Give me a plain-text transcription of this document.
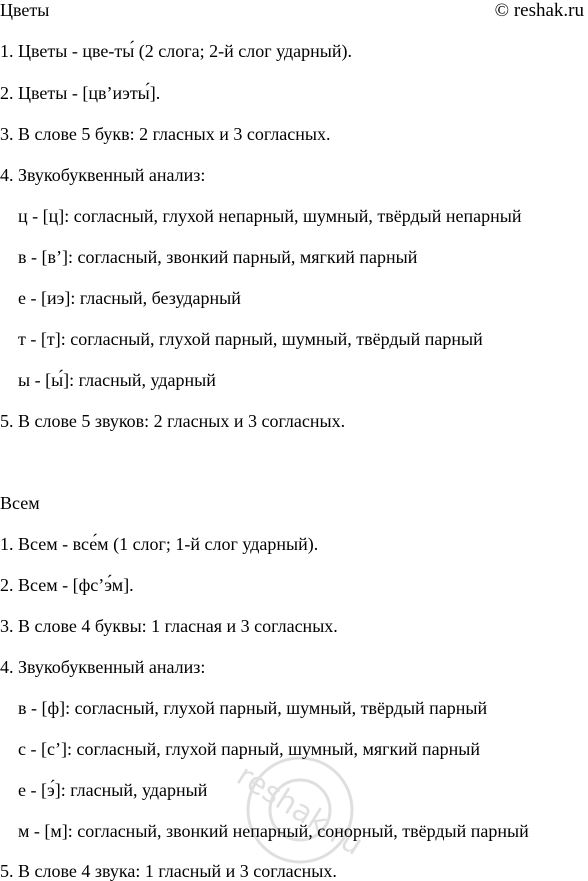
Цветы	© reshak.ru
1. Цветы - цве-ты́ (2 слога; 2-й слог ударный).
2. Цветы - [цв’иэты́].
3. В слове 5 букв: 2 гласных и 3 согласных.
4. Звукобуквенный анализ:
ц - [ц]: согласный, глухой непарный, шумный, твёрдый непарный
в - [в’]: согласный, звонкий парный, мягкий парный
е - [иэ]: гласный, безударный
т - [т]: согласный, глухой парный, шумный, твёрдый парный
ы - [ы́]: гласный, ударный
5. В слове 5 звуков: 2 гласных и 3 согласных.
Всем
1. Всем - все́м (1 слог; 1-й слог ударный).
2. Всем - [фс’э́м].
3. В слове 4 буквы: 1 гласная и 3 согласных.
4. Звукобуквенный анализ:
в - [ф]: согласный, глухой парный, шумный, твёрдый парный
с - [с’]: согласный, глухой парный, шумный, мягкий парный
е - [э́]: гласный, ударный
м - [м]: согласный, звонкий непарный, сонорный, твёрдый парный
5. В слове 4 звука: 1 гласный и 3 согласных.
reshak.ru
